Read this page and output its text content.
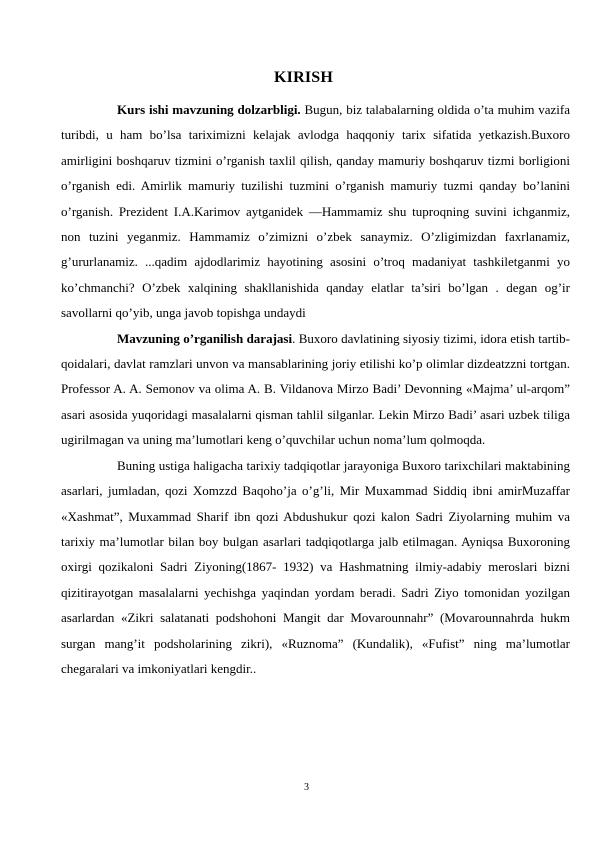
KIRISH

Kurs ishi mavzuning dolzarbligi. Bugun, biz talabalarning oldida o’ta muhim vazifa turibdi, u ham bo’lsa tariximizni kelajak avlodga haqqoniy tarix sifatida yetkazish.Buxoro amirligini boshqaruv tizmini o’rganish taxlil qilish, qanday mamuriy boshqaruv tizmi borligioni o’rganish edi. Amirlik mamuriy tuzilishi tuzmini o’rganish mamuriy tuzmi qanday bo’lanini o’rganish. Prezident I.A.Karimov aytganidek ―Hammamiz shu tuproqning suvini ichganmiz, non tuzini yeganmiz. Hammamiz o’zimizni o’zbek sanaymiz. O’zligimizdan faxrlanamiz, g’ururlanamiz. ...qadim ajdodlarimiz hayotining asosini o’troq madaniyat tashkiletganmi yo ko’chmanchi? O’zbek xalqining shakllanishida qanday elatlar ta’siri bo’lgan . degan og’ir savollarni qo’yib, unga javob topishga undaydi

Mavzuning o’rganilish darajasi. Buxoro davlatining siyosiy tizimi, idora etish tartib- qoidalari, davlat ramzlari unvon va mansablarining joriy etilishi ko’p olimlar dizdeatzzni tortgan. Professor A. A. Semonov va olima A. B. Vildanova Mirzo Badi’ Devonning «Majma’ ul-arqom” asari asosida yuqoridagi masalalarni qisman tahlil silganlar. Lekin Mirzo Badi’ asari uzbek tiliga ugirilmagan va uning ma’lumotlari keng o’quvchilar uchun noma’lum qolmoqda.

Buning ustiga haligacha tarixiy tadqiqotlar jarayoniga Buxoro tarixchilari maktabining asarlari, jumladan, qozi Xomzzd Baqoho’ja o’g’li, Mir Muxammad Siddiq ibni amirMuzaffar «Xashmat”, Muxammad Sharif ibn qozi Abdushukur qozi kalon Sadri Ziyolarning muhim va tarixiy ma’lumotlar bilan boy bulgan asarlari tadqiqotlarga jalb etilmagan. Ayniqsa Buxoroning oxirgi qozikaloni Sadri Ziyoning(1867- 1932) va Hashmatning ilmiy-adabiy meroslari bizni qizitirayotgan masalalarni yechishga yaqindan yordam beradi. Sadri Ziyo tomonidan yozilgan asarlardan «Zikri salatanati podshohoni Mangit dar Movarounnahr” (Movarounnahrda hukm surgan mang’it podsholarining zikri), «Ruznoma” (Kundalik), «Fufist” ning ma’lumotlar chegaralari va imkoniyatlari kengdir..

3
